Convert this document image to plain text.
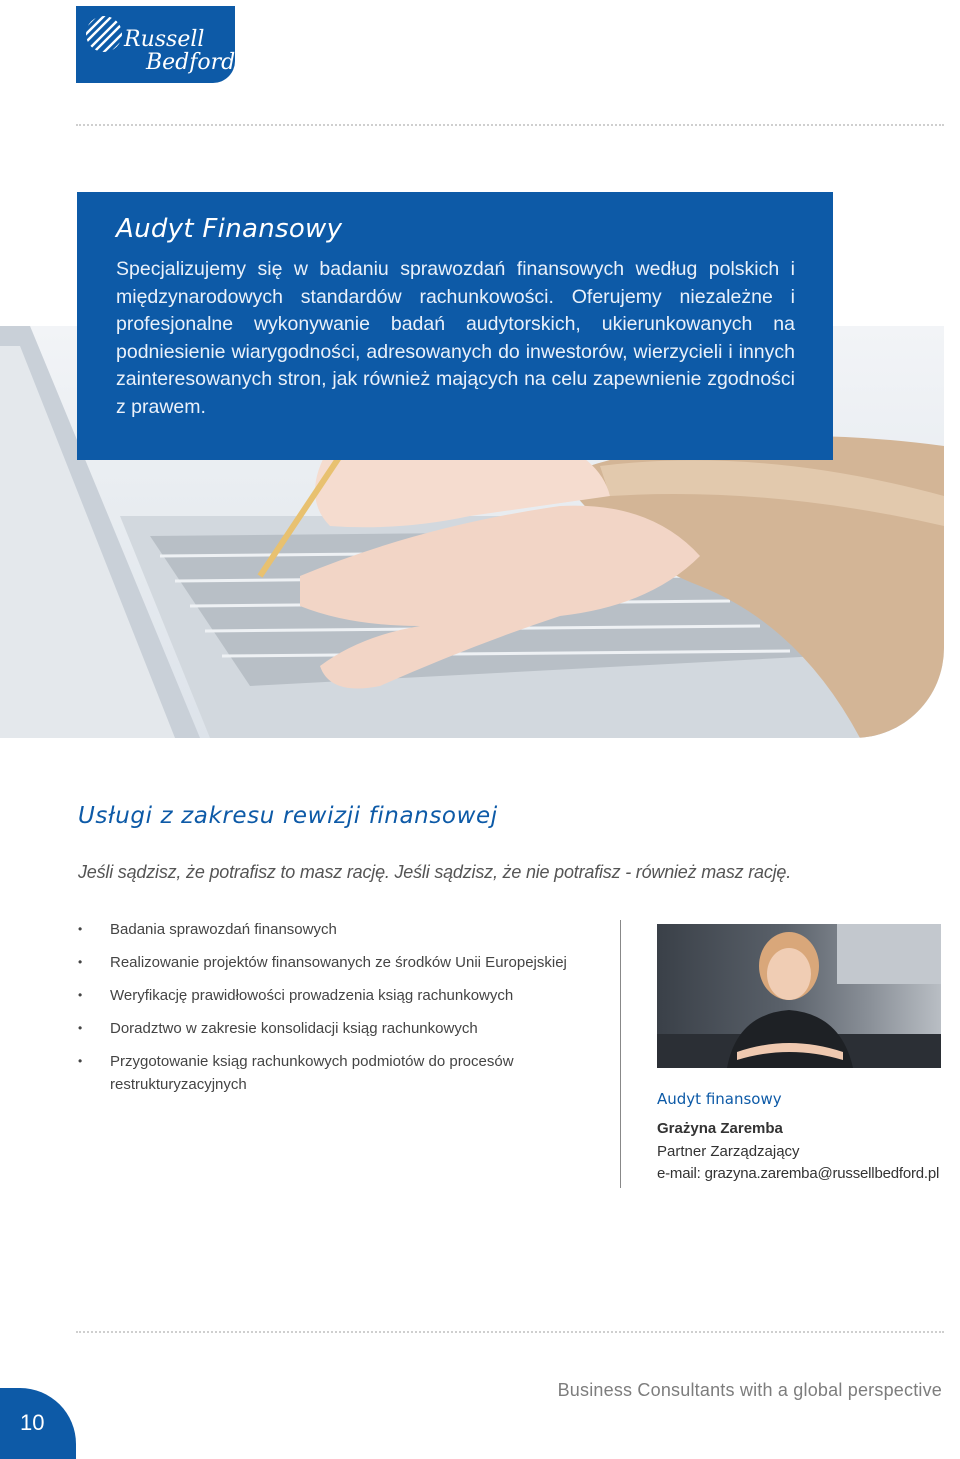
Russell
Bedford
Audyt Finansowy

Specjalizujemy się w badaniu sprawozdań finansowych według polskich i międzynarodowych standardów rachunkowości. Oferujemy niezależne i profesjonalne wykonywanie badań audytorskich, ukierunkowanych na podniesienie wiarygodności, adresowanych do inwestorów, wierzycieli i innych zainteresowanych stron, jak również mających na celu zapewnienie zgodności z prawem.

Usługi z zakresu rewizji finansowej

Jeśli sądzisz, że potrafisz to masz rację. Jeśli sądzisz, że nie potrafisz - również masz rację.

• Badania sprawozdań finansowych
• Realizowanie projektów finansowanych ze środków Unii Europejskiej
• Weryfikację prawidłowości prowadzenia ksiąg rachunkowych
• Doradztwo w zakresie konsolidacji ksiąg rachunkowych
• Przygotowanie ksiąg rachunkowych podmiotów do procesów restrukturyzacyjnych
Audyt finansowy
Grażyna Zaremba
Partner Zarządzający
e-mail: grazyna.zaremba@russellbedford.pl
Business Consultants with a global perspective
10
